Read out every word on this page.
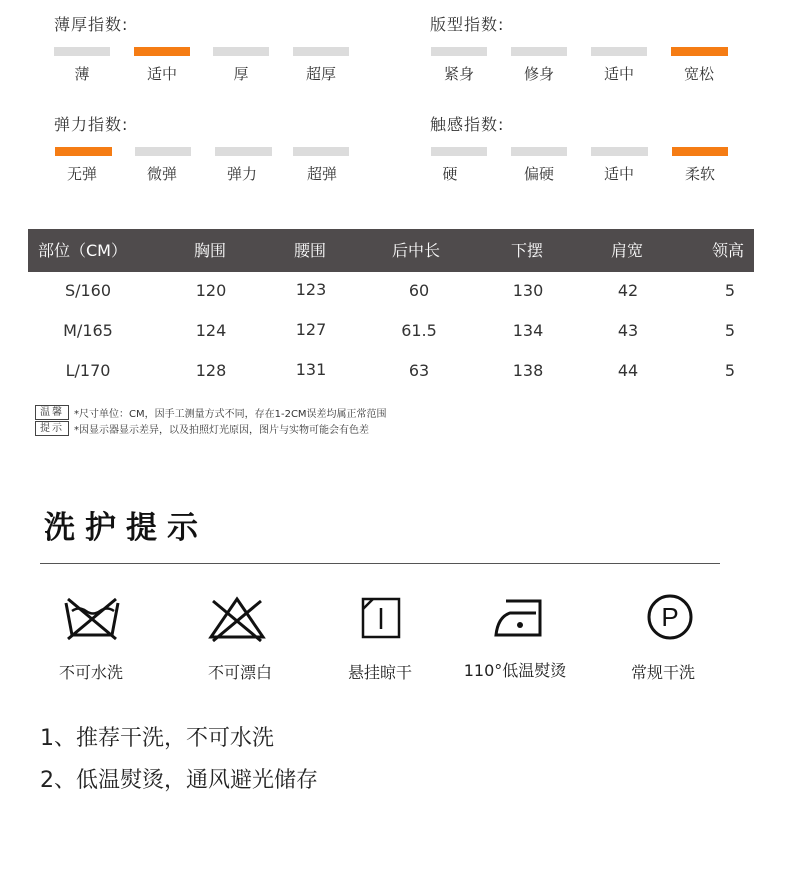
薄厚指数:
薄	适中	厚	超厚
版型指数:
紧身	修身	适中	宽松
弹力指数:
无弹	微弹	弹力	超弹
触感指数:
硬	偏硬	适中	柔软
部位（CM）	胸围	腰围	后中长	下摆	肩宽	领高
S/160	120	123	60	130	42	5
M/165	124	127	61.5	134	43	5
L/170	128	131	63	138	44	5
温馨
提示
*尺寸单位：CM，因手工测量方式不同，存在1-2CM误差均属正常范围
*因显示器显示差异，以及拍照灯光原因，图片与实物可能会有色差
洗护提示
不可水洗	不可漂白	悬挂晾干	110°低温熨烫
P
常规干洗
1、推荐干洗，不可水洗
2、低温熨烫，通风避光储存
